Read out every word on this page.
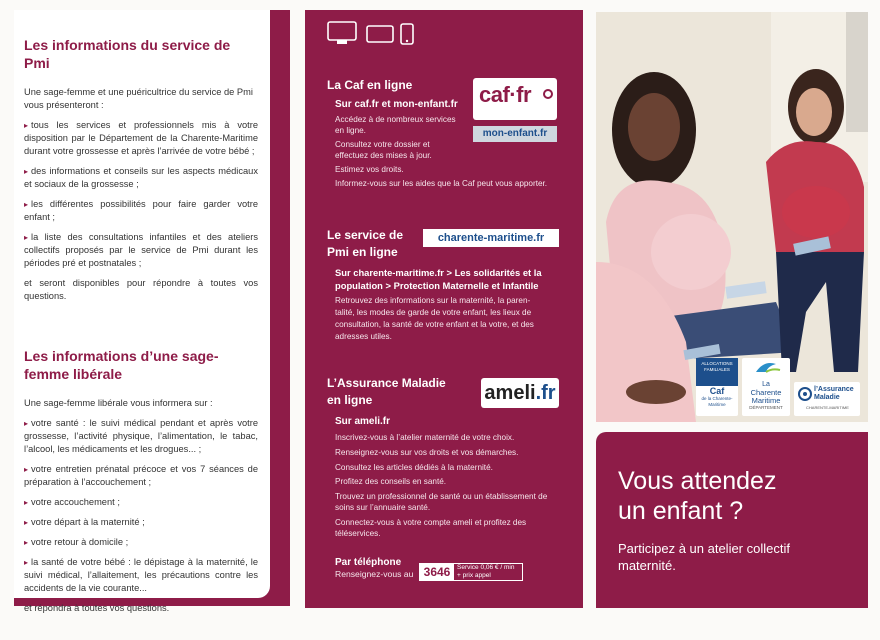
Les informations du service de Pmi

Une sage-femme et une puéricultrice du service de Pmi vous présenteront :

▸ tous les services et professionnels mis à votre disposition par le Département de la Charente-Maritime durant votre grossesse et après l’arrivée de votre bébé ;
▸ des informations et conseils sur les aspects médicaux et sociaux de la grossesse ;
▸ les différentes possibilités pour faire garder votre enfant ;
▸ la liste des consultations infantiles et des ateliers collectifs proposés par le service de Pmi durant les périodes pré et postnatales ;

et seront disponibles pour répondre à toutes vos questions.

Les informations d’une sage-femme libérale

Une sage-femme libérale vous informera sur :

▸ votre santé : le suivi médical pendant et après votre grossesse, l’activité physique, l’alimentation, le tabac, l’alcool, les médicaments et les drogues... ;
▸ votre entretien prénatal précoce et vos 7 séances de préparation à l’accouchement ;
▸ votre accouchement ;
▸ votre départ à la maternité ;
▸ votre retour à domicile ;
▸ la santé de votre bébé : le dépistage à la maternité, le suivi médical, l’allaitement, les précautions contre les accidents de la vie courante...

et répondra à toutes vos questions.

La Caf en ligne
Sur caf.fr et mon-enfant.fr
Accédez à de nombreux services
en ligne.
Consultez votre dossier et
effectuez des mises à jour.
Estimez vos droits.
Informez-vous sur les aides que la Caf peut vous apporter.
caf·fr
mon-enfant.fr
Le service de
Pmi en ligne
charente-maritime.fr
Sur charente-maritime.fr > Les solidarités et la
population > Protection Maternelle et Infantile
Retrouvez des informations sur la maternité, la paren-
talité, les modes de garde de votre enfant, les lieux de
consultation, la santé de votre enfant et la votre, et des
adresses utiles.
L’Assurance Maladie
en ligne	ameli.fr
Sur ameli.fr
Inscrivez-vous à l’atelier maternité de votre choix.
Renseignez-vous sur vos droits et vos démarches.
Consultez les articles dédiés à la maternité.
Profitez des conseils en santé.
Trouvez un professionnel de santé ou un établissement de
soins sur l’annuaire santé.
Connectez-vous à votre compte ameli et profitez des
téléservices.
Par téléphone
Renseignez-vous au 3646	Service 0,06 € / min
+ prix appel
ALLOCATIONS
FAMILIALES
Caf
de la Charente-
Maritime
La
Charente
Maritime
DÉPARTEMENT
l’Assurance
Maladie
CHARENTE-MARITIME
Vous attendez
un enfant ?
Participez à un atelier collectif
maternité.
